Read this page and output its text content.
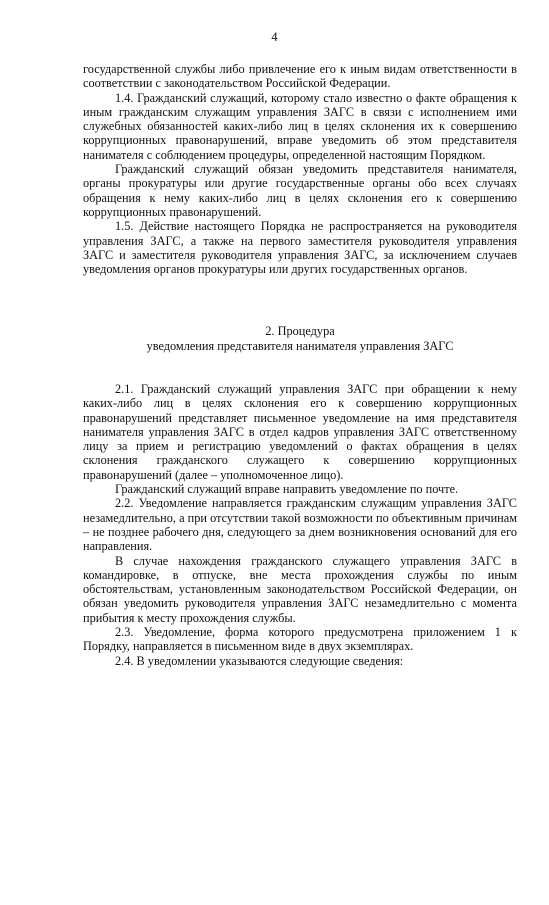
4

государственной службы либо привлечение его к иным видам ответственности в соответствии с законодательством Российской Федерации.

1.4. Гражданский служащий, которому стало известно о факте обращения к иным гражданским служащим управления ЗАГС в связи с исполнением ими служебных обязанностей каких-либо лиц в целях склонения их к совершению коррупционных правонарушений, вправе уведомить об этом представителя нанимателя с соблюдением процедуры, определенной настоящим Порядком.

Гражданский служащий обязан уведомить представителя нанимателя, органы прокуратуры или другие государственные органы обо всех случаях обращения к нему каких-либо лиц в целях склонения его к совершению коррупционных правонарушений.

1.5. Действие настоящего Порядка не распространяется на руководителя управления ЗАГС, а также на первого заместителя руководителя управления ЗАГС и заместителя руководителя управления ЗАГС, за исключением случаев уведомления органов прокуратуры или других государственных органов.

2. Процедура
уведомления представителя нанимателя управления ЗАГС

2.1. Гражданский служащий управления ЗАГС при обращении к нему каких-либо лиц в целях склонения его к совершению коррупционных правонарушений представляет письменное уведомление на имя представителя нанимателя управления ЗАГС в отдел кадров управления ЗАГС ответственному лицу за прием и регистрацию уведомлений о фактах обращения в целях склонения гражданского служащего к совершению коррупционных правонарушений (далее – уполномоченное лицо).

Гражданский служащий вправе направить уведомление по почте.

2.2. Уведомление направляется гражданским служащим управления ЗАГС незамедлительно, а при отсутствии такой возможности по объективным причинам – не позднее рабочего дня, следующего за днем возникновения оснований для его направления.

В случае нахождения гражданского служащего управления ЗАГС в командировке, в отпуске, вне места прохождения службы по иным обстоятельствам, установленным законодательством Российской Федерации, он обязан уведомить руководителя управления ЗАГС незамедлительно с момента прибытия к месту прохождения службы.

2.3. Уведомление, форма которого предусмотрена приложением 1 к Порядку, направляется в письменном виде в двух экземплярах.

2.4. В уведомлении указываются следующие сведения:
